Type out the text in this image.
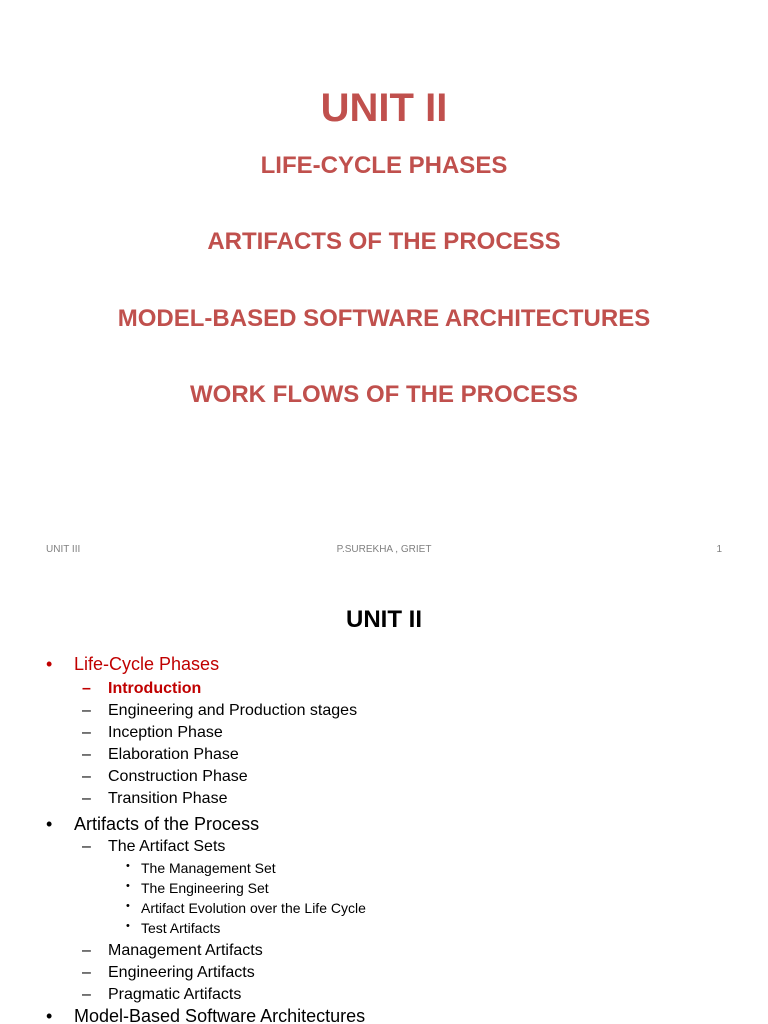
UNIT II
LIFE-CYCLE PHASES
ARTIFACTS OF THE PROCESS
MODEL-BASED SOFTWARE ARCHITECTURES
WORK FLOWS OF THE PROCESS
UNIT III	P.SUREKHA , GRIET	1
UNIT II
• Life-Cycle Phases
– Introduction
– Engineering and Production stages
– Inception Phase
– Elaboration Phase
– Construction Phase
– Transition Phase
• Artifacts of the Process
– The Artifact Sets
• The Management Set
• The Engineering Set
• Artifact Evolution over the Life Cycle
• Test Artifacts
– Management Artifacts
– Engineering Artifacts
– Pragmatic Artifacts
• Model-Based Software Architectures
